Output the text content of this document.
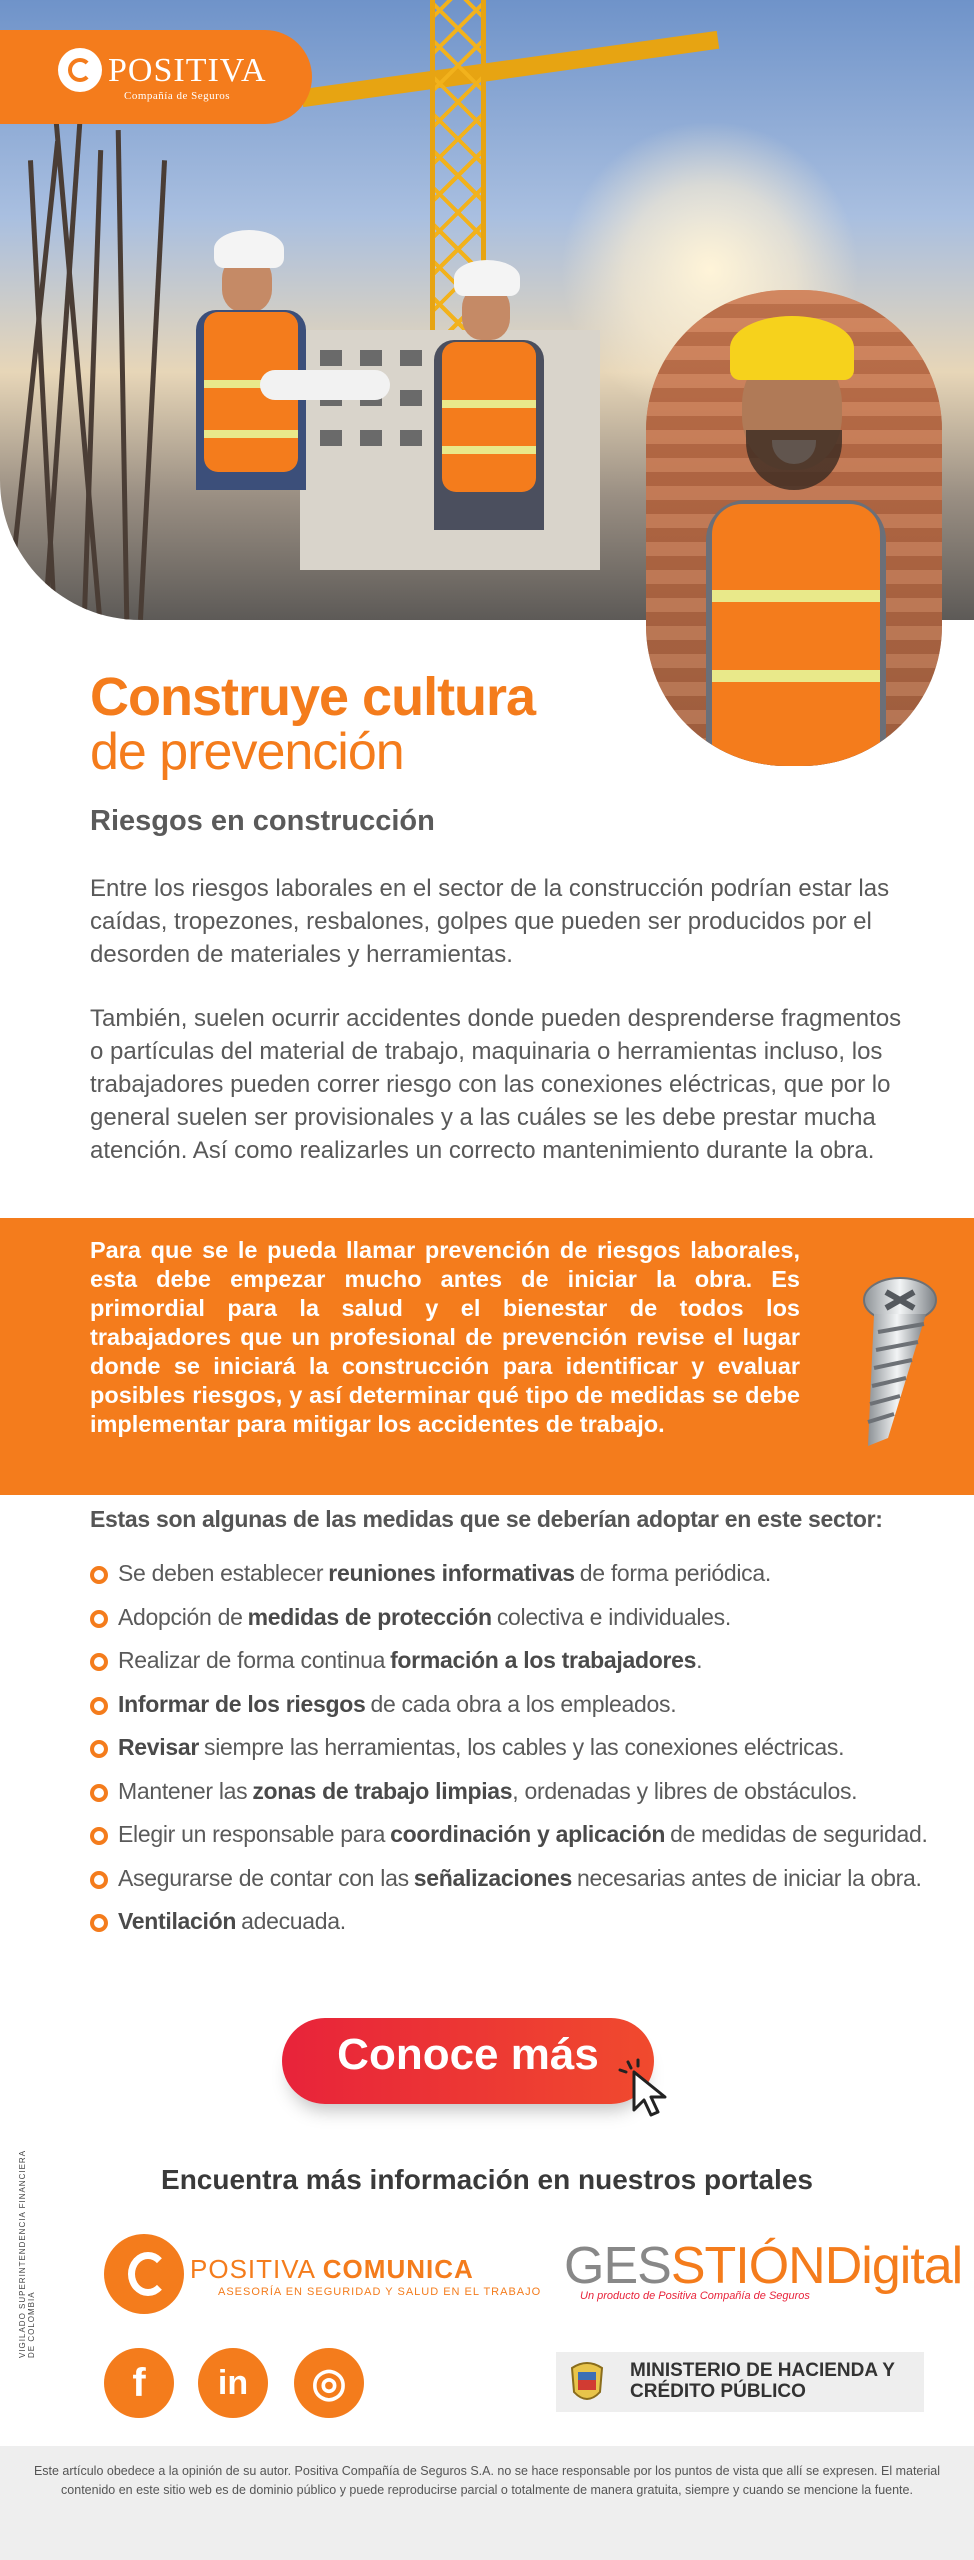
POSITIVA
Compañía de Seguros
Construye cultura
de prevención
Riesgos en construcción
Entre los riesgos laborales en el sector de la construcción podrían estar las caídas, tropezones, resbalones, golpes que pueden ser producidos por el desorden de materiales y herramientas.
También, suelen ocurrir accidentes donde pueden desprenderse fragmentos o partículas del material de trabajo, maquinaria o herramientas incluso, los trabajadores pueden correr riesgo con las conexiones eléctricas, que por lo general suelen ser provisionales y a las cuáles se les debe prestar mucha atención. Así como realizarles un correcto mantenimiento durante la obra.
Para que se le pueda llamar prevención de riesgos laborales, esta debe empezar mucho antes de iniciar la obra. Es primordial para la salud y el bienestar de todos los trabajadores que un profesional de prevención revise el lugar donde se iniciará la construcción para identificar y evaluar posibles riesgos, y así determinar qué tipo de medidas se debe implementar para mitigar los accidentes de trabajo.
Estas son algunas de las medidas que se deberían adoptar en este sector:
Se deben establecer reuniones informativas de forma periódica.
Adopción de medidas de protección colectiva e individuales.
Realizar de forma continua formación a los trabajadores .
Informar de los riesgos de cada obra a los empleados.
Revisar siempre las herramientas, los cables y las conexiones eléctricas.
Mantener las zonas de trabajo limpias , ordenadas y libres de obstáculos.
Elegir un responsable para coordinación y aplicación de medidas de seguridad.
Asegurarse de contar con las señalizaciones necesarias antes de iniciar la obra.
Ventilación adecuada.
Conoce más
Encuentra más información en nuestros portales
VIGILADO SUPERINTENDENCIA FINANCIERA DE COLOMBIA
POSITIVA COMUNICA
ASESORÍA EN SEGURIDAD Y SALUD EN EL TRABAJO GESSTIÓNDigital
Un producto de Positiva Compañía de Seguros
f	in	◎	MINISTERIO DE HACIENDA Y CRÉDITO PÚBLICO
Este artículo obedece a la opinión de su autor. Positiva Compañía de Seguros S.A. no se hace responsable por los puntos de vista que allí se expresen. El material contenido en este sitio web es de dominio público y puede reproducirse parcial o totalmente de manera gratuita, siempre y cuando se mencione la fuente.
